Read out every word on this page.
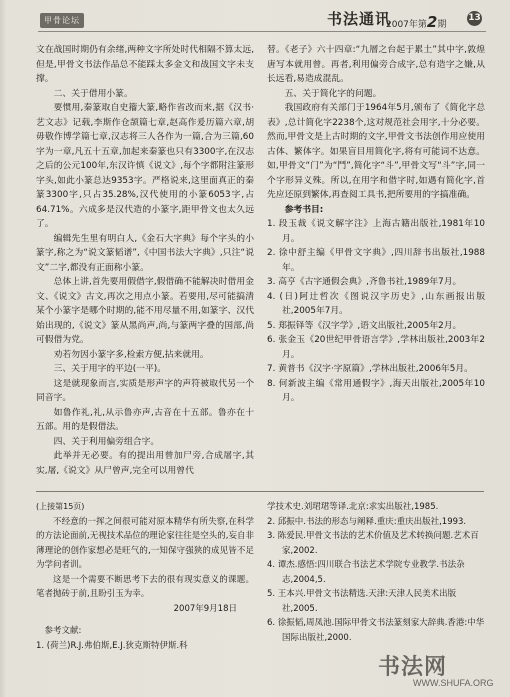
甲骨论坛	书法通讯
2007年第2期
13

文在战国时期仍有余绪,两种文字所处时代相隔不算太远,但是,甲骨文书法作品总不能踩太多金文和战国文字未支撑。

二、关于借用小篆。

要惯用,秦篆取自史籀大篆,略作省改而来,据《汉书·艺文志》记载,李斯作仓颉篇七章,赵高作爰历篇六章,胡毋敬作博学篇七章,汉志将三人各作为一篇,合为三篇,60字为一章,凡五十五章,加起来秦篆也只有3300字,在汉志之后的公元100年,东汉许慎《说文》,每个字都附注篆形字头,如此小篆总达9353字。严格说来,这里面真正的秦篆3300字,只占35.28%,汉代使用的小篆6053字,占64.71%。六成多是汉代造的小篆字,距甲骨文也太久远了。

编辑先生里有明白人,《金石大字典》每个字头的小篆字,称之为“说文篆韬谱”,《中国书法大字典》,只注“说文”二字,都没有正面称小篆。

总体上讲,首先要用假借字,假借确不能解决时借用金文、《说文》古文,再次之用点小篆。若要用,尽可能搞清某个小篆字是哪个时期的,能不用尽量不用,如篆字、汉代始出现的,《说文》篆从黑尚声,尚,与篆两字叠的国部,尚可假借为党。

劝若勿因小篆字多,检索方便,拈来就用。

三、关于用字的平边(一平)。

这是就现象而言,实质是形声字的声符被取代另一个同音字。

如鲁作礼,礼,从示鲁亦声,古音在十五部。鲁亦在十五部。用的是假借法。

四、关于利用偏旁组合字。

此举并无必要。有的提出用曾加尸旁,合成屠字,其实,屠,《说文》从尸曾声,完全可以用曾代

替。《老子》六十四章:“九層之台起于累土”其中字,敦煌唐写本就用曾。再者,利用偏旁合成字,总有造字之嫌,从长远看,易造成混乱。

五、关于简化字的问题。

我国政府有关部门于1964年5月,颁布了《简化字总表》,总计简化字2238个,这对规范社会用字,十分必要。然而,甲骨文是上古时期的文字,甲骨文书法创作用应使用古体、繁体字。如果盲目用简化字,将有可能词不达意。如,甲骨文“门”为“鬥”,简化字“斗”,甲骨文写“斗”字,同一个字形异义殊。所以,在用字和借字时,如遇有简化字,首先应还原到繁体,再查阅工具书,把所要用的字搞准确。

参考书目:

1. 段玉裁《说文解字注》上海古籍出版社,1981年10月。

2. 徐中舒主编《甲骨文字典》,四川辞书出版社,1988年。

3. 高亨《古字通假会典》,齐鲁书社,1989年7月。

4. (日)阿辻哲次《图说汉字历史》,山东画报出版社,2005年7月。

5. 郑振铎等《汉字学》,语文出版社,2005年2月。

6. 张金玉《20世纪甲骨语言学》,学林出版社,2003年2月。

7. 黄普书《汉字·字原篇》,学林出版社,2006年5月。

8. 何新波主编《常用通假字》,海天出版社,2005年10月。

(上接第15页)

不经意的一挥之间很可能对原本精华有所失察,在科学的方法论面前,无视技术品位的理论家往往是空头的,妄自非薄理论的创作家想必是旺气的,一知保守强狭的成见皆不足为学问者训。

这是一个需要不断思考下去的很有现实意义的课题。笔者抛砖于前,且盼引玉为幸。

2007年9月18日

参考文献:

1. (荷兰)R.J.弗伯斯,E.J.狄克斯特伊斯.科

学技术史.刘珺珺等译.北京:求实出版社,1985.

2. 邱振中.书法的形态与阐释.重庆:重庆出版社,1993.

3. 陈爱民.甲骨文书法的艺术价值及艺术转换问题.艺术百家,2002.

4. 谭杰.感悟:四川联合书法艺术学院专业教学.书法杂志,2004,5.

5. 王本兴.甲骨文书法精选.天津:天津人民美术出版社,2005.

6. 徐振韬,周凤池.国际甲骨文书法篆刻家大辞典.香港:中华国际出版社,2000.

书法网
WWW.SHUFA.ORG
